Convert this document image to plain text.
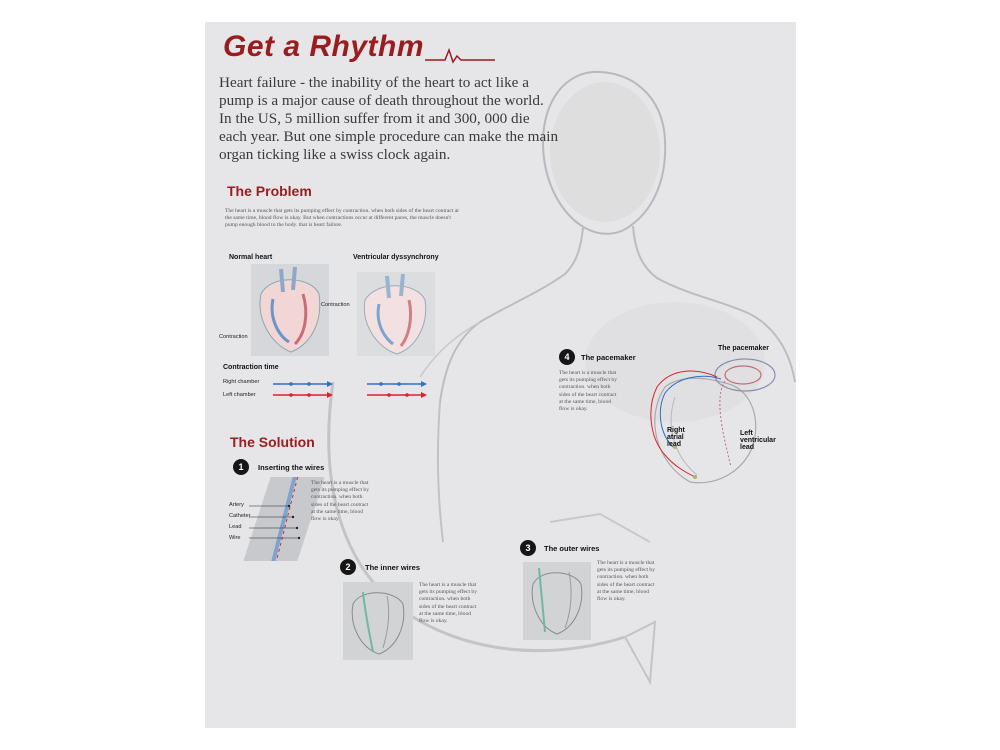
Get a Rhythm
Heart failure - the inability of the heart to act like a pump is a major cause of death throughout the world. In the US, 5 million suffer from it and 300, 000 die each year. But one simple procedure can make the main organ ticking like a swiss clock again.
The Problem
The heart is a muscle that gets its pumping effect by contraction. when both sides of the heart contract at the same time, blood flow is okay. But when contractions occur at different paces, the muscle doesn't pump enough blood to the body. that is heart failure.
Normal heart	Ventricular dyssynchrony
Contraction
Contraction
Contraction time
Right chamber
Left chamber
The Solution
1	Inserting the wires
Artery
Catheter
Lead
Wire
The heart is a muscle that gets its pumping effect by contraction. when both sides of the heart contract at the same time, blood flow is okay
2	The inner wires
The heart is a muscle that gets its pumping effect by contraction. when both sides of the heart contract at the same time, blood flow is okay.
3	The outer wires
The heart is a muscle that gets its pumping effect by contraction. when both sides of the heart contract at the same time, blood flow is okay.
4	The pacemaker
The heart is a muscle that gets its pumping effect by contraction. when both sides of the heart contract at the same time, blood flow is okay.
The pacemaker
Right atrial lead
Left ventricular lead
